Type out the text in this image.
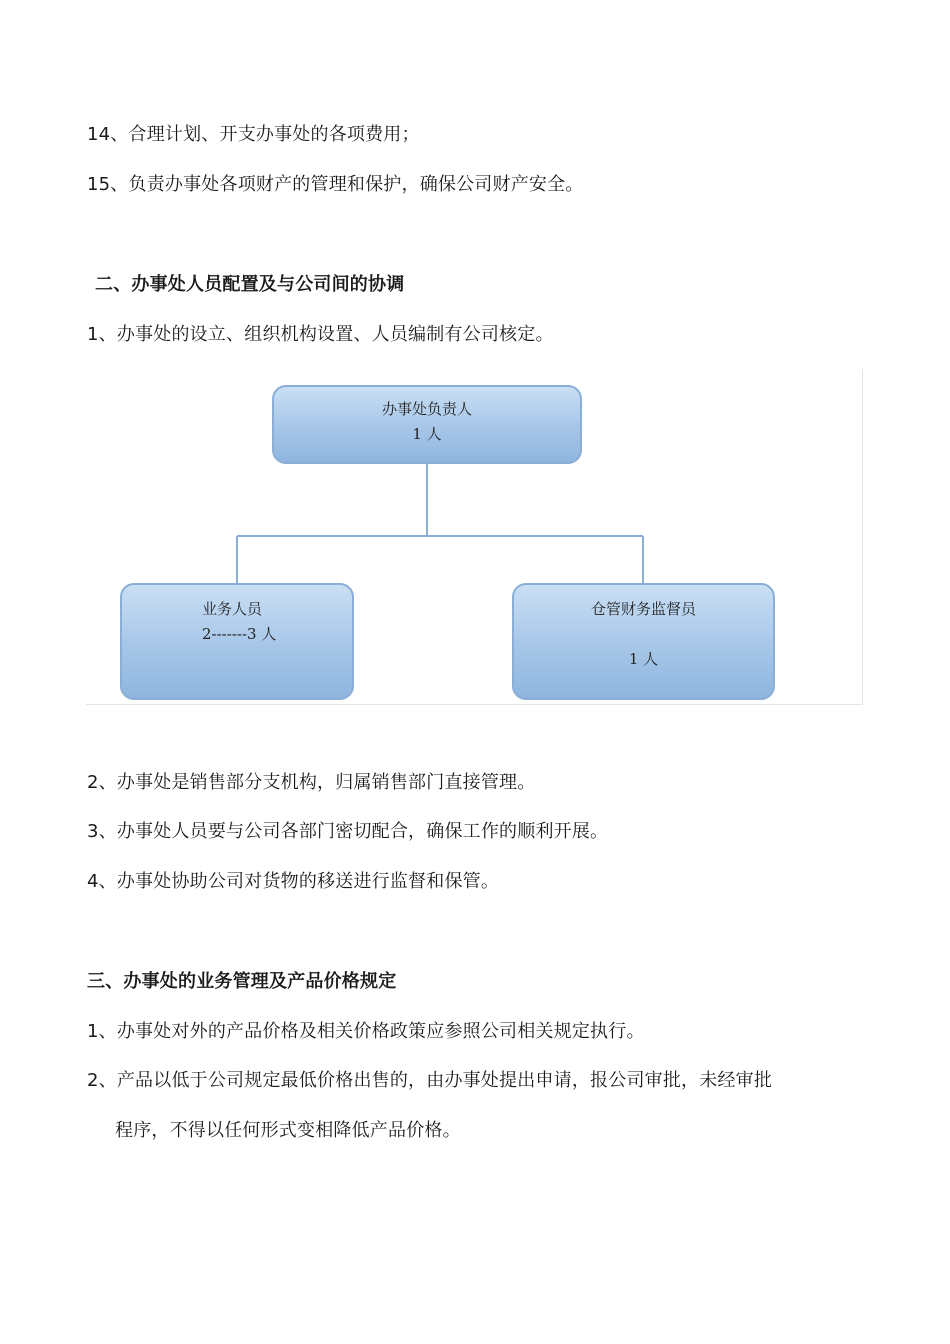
14、合理计划、开支办事处的各项费用；
15、负责办事处各项财产的管理和保护，确保公司财产安全。
二、办事处人员配置及与公司间的协调
1、办事处的设立、组织机构设置、人员编制有公司核定。
办事处负责人
1 人
业务人员
2-------3 人
仓管财务监督员
1 人
2、办事处是销售部分支机构，归属销售部门直接管理。
3、办事处人员要与公司各部门密切配合，确保工作的顺利开展。
4、办事处协助公司对货物的移送进行监督和保管。
三、办事处的业务管理及产品价格规定
1、办事处对外的产品价格及相关价格政策应参照公司相关规定执行。
2、产品以低于公司规定最低价格出售的，由办事处提出申请，报公司审批，未经审批
程序，不得以任何形式变相降低产品价格。
